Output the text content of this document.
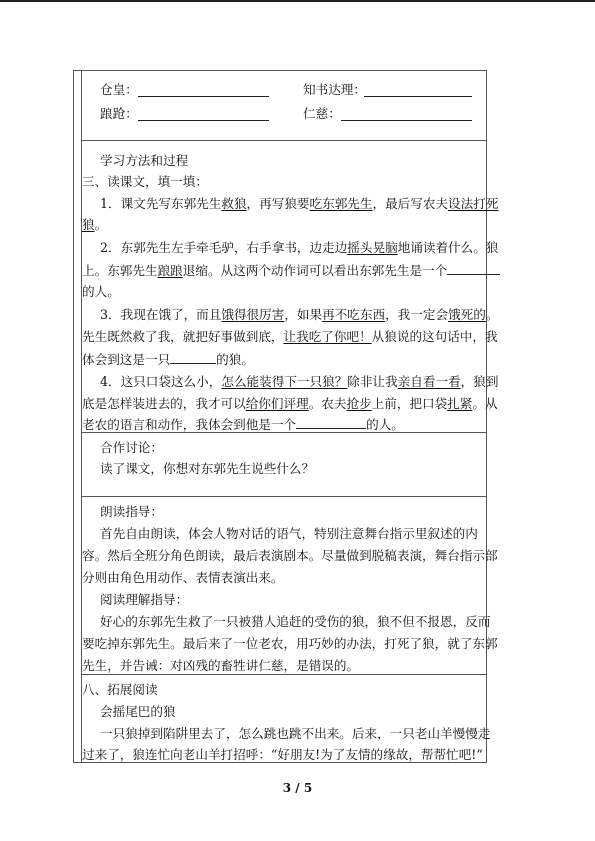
仓皇：	知书达理：
踉跄：	仁慈：
学习方法和过程
三、读课文，填一填：
1．课文先写东郭先生救狼，再写狼要吃东郭先生，最后写农夫设法打死
狼。
2．东郭先生左手牵毛驴，右手拿书，边走边摇头晃脑地诵读着什么。狼
上。东郭先生踉踉退缩。从这两个动作词可以看出东郭先生是一个
的人。
3．我现在饿了，而且饿得很厉害，如果再不吃东西，我一定会饿死的。
先生既然救了我，就把好事做到底，让我吃了你吧！从狼说的这句话中，我
体会到这是一只	的狼。
4．这只口袋这么小，怎么能装得下一只狼？除非让我亲自看一看，狼到
底是怎样装进去的，我才可以给你们评理。农夫抢步上前，把口袋扎紧。从
老农的语言和动作，我体会到他是一个	的人。
合作讨论：
读了课文，你想对东郭先生说些什么？
朗读指导：
首先自由朗读，体会人物对话的语气，特别注意舞台指示里叙述的内
容。然后全班分角色朗读，最后表演剧本。尽量做到脱稿表演，舞台指示部
分则由角色用动作、表情表演出来。
阅读理解指导：
好心的东郭先生救了一只被猎人追赶的受伤的狼，狼不但不报恩，反而
要吃掉东郭先生。最后来了一位老农，用巧妙的办法，打死了狼，就了东郭
先生，并告诫：对凶残的畜牲讲仁慈，是错误的。
八、拓展阅读
会摇尾巴的狼
一只狼掉到陷阱里去了，怎么跳也跳不出来。后来，一只老山羊慢慢走
过来了，狼连忙向老山羊打招呼：“好朋友!为了友情的缘故，帮帮忙吧!”
3 / 5
